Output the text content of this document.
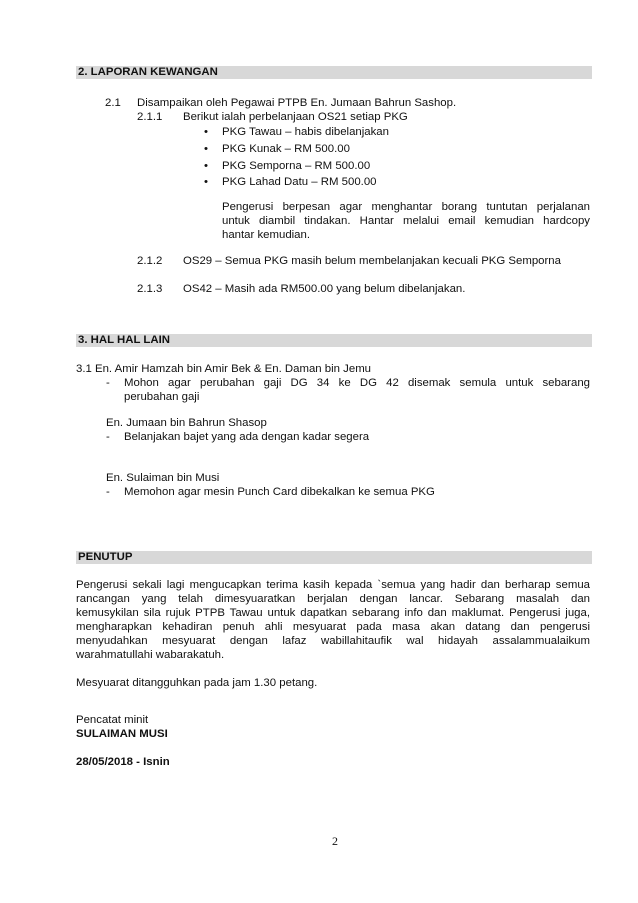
2. LAPORAN KEWANGAN
2.1 Disampaikan oleh Pegawai PTPB En. Jumaan Bahrun Sashop.
2.1.1 Berikut ialah perbelanjaan OS21 setiap PKG
• PKG Tawau – habis dibelanjakan
• PKG Kunak – RM 500.00
• PKG Semporna – RM 500.00
• PKG Lahad Datu – RM 500.00
Pengerusi berpesan agar menghantar borang tuntutan perjalanan
untuk diambil tindakan. Hantar melalui email kemudian hardcopy
hantar kemudian.
2.1.2 OS29 – Semua PKG masih belum membelanjakan kecuali PKG Semporna
2.1.3 OS42 – Masih ada RM500.00 yang belum dibelanjakan.
3. HAL HAL LAIN
3.1 En. Amir Hamzah bin Amir Bek & En. Daman bin Jemu
- Mohon agar perubahan gaji DG 34 ke DG 42 disemak semula untuk sebarang
perubahan gaji
En. Jumaan bin Bahrun Shasop
- Belanjakan bajet yang ada dengan kadar segera
En. Sulaiman bin Musi
- Memohon agar mesin Punch Card dibekalkan ke semua PKG
PENUTUP
Pengerusi sekali lagi mengucapkan terima kasih kepada `semua yang hadir dan berharap semua
rancangan yang telah dimesyuaratkan berjalan dengan lancar. Sebarang masalah dan
kemusykilan sila rujuk PTPB Tawau untuk dapatkan sebarang info dan maklumat. Pengerusi juga,
mengharapkan kehadiran penuh ahli mesyuarat pada masa akan datang dan pengerusi
menyudahkan mesyuarat dengan lafaz wabillahitaufik wal hidayah assalammualaikum
warahmatullahi wabarakatuh.
Mesyuarat ditangguhkan pada jam 1.30 petang.
Pencatat minit
SULAIMAN MUSI
28/05/2018 - Isnin
2
